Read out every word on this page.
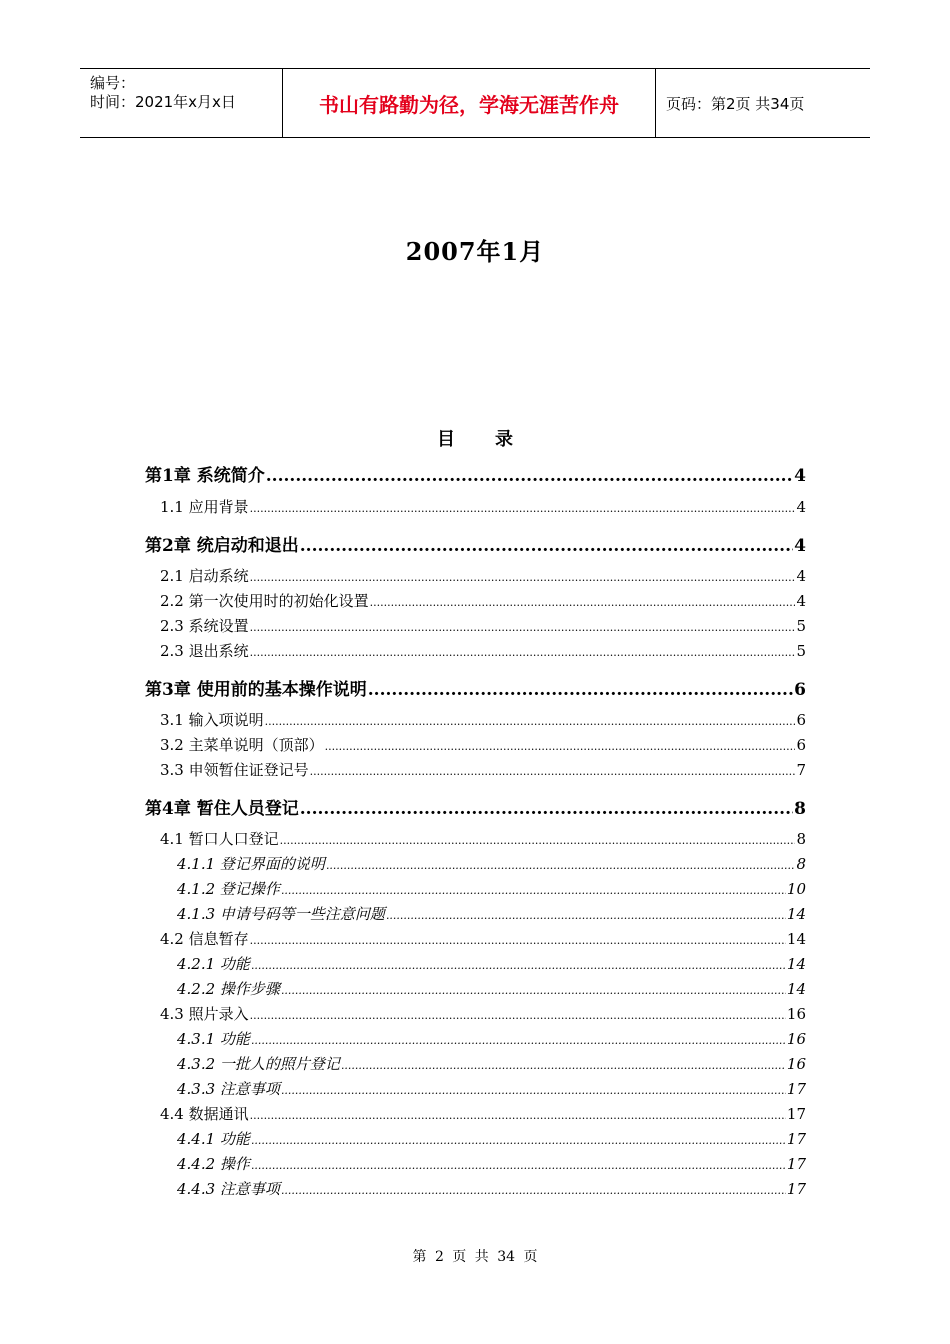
编号：
时间：2021年x月x日	书山有路勤为径，学海无涯苦作舟	页码：第2页 共34页
2007年1月
目 录
第1章 系统简介 .....	4
1.1 应用背景 .....	4
第2章 统启动和退出 .....	4
2.1 启动系统 .....	4
2.2 第一次使用时的初始化设置 .....	4
2.3 系统设置 .....	5
2.3 退出系统 .....	5
第3章 使用前的基本操作说明 .....	6
3.1 输入项说明 .....	6
3.2 主菜单说明（顶部） .....	6
3.3 申领暂住证登记号 .....	7
第4章 暂住人员登记 .....	8
4.1 暂口人口登记 .....	8
4.1.1 登记界面的说明 .....	8
4.1.2 登记操作 .....	10
4.1.3 申请号码等一些注意问题 .....	14
4.2 信息暂存 .....	14
4.2.1 功能 .....	14
4.2.2 操作步骤 .....	14
4.3 照片录入 .....	16
4.3.1 功能 .....	16
4.3.2 一批人的照片登记 .....	16
4.3.3 注意事项 .....	17
4.4 数据通讯 .....	17
4.4.1 功能 .....	17
4.4.2 操作 .....	17
4.4.3 注意事项 .....	17
第 2 页 共 34 页
